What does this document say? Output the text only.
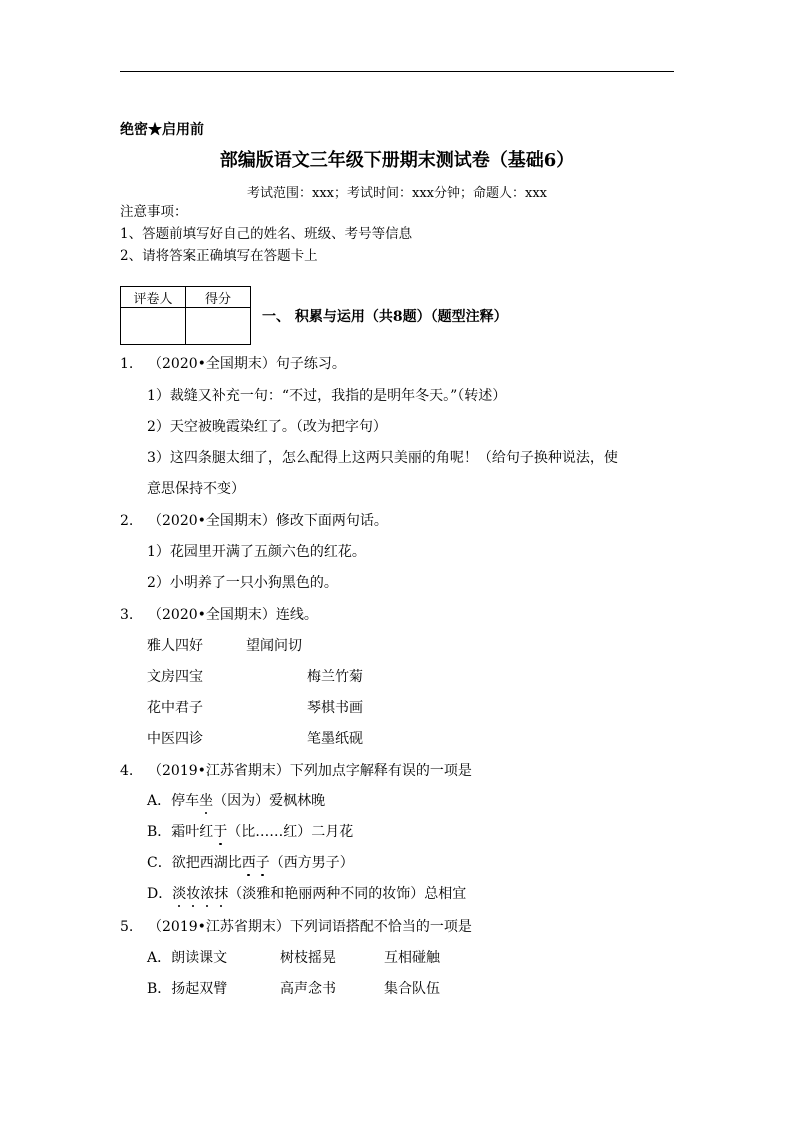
绝密★启用前
部编版语文三年级下册期末测试卷（基础6）
考试范围：xxx；考试时间：xxx分钟；命题人：xxx
注意事项：
1、答题前填写好自己的姓名、班级、考号等信息
2、请将答案正确填写在答题卡上
评卷人	得分

一、 积累与运用（共8题）（题型注释）
1. （2020•全国期末）句子练习。
1）裁缝又补充一句：“不过，我指的是明年冬天。”（转述）
2）天空被晚霞染红了。（改为把字句）
3）这四条腿太细了，怎么配得上这两只美丽的角呢！（给句子换种说法，使
意思保持不变）
2. （2020•全国期末）修改下面两句话。
1）花园里开满了五颜六色的红花。
2）小明养了一只小狗黑色的。
3. （2020•全国期末）连线。
雅人四好	望闻问切
文房四宝	梅兰竹菊
花中君子	琴棋书画
中医四诊	笔墨纸砚
4. （2019•江苏省期末）下列加点字解释有误的一项是
A．停车坐（因为）爱枫林晚
B．霜叶红于（比……红）二月花
C．欲把西湖比西子（西方男子）
D．淡妆浓抹（淡雅和艳丽两种不同的妆饰）总相宜
5. （2019•江苏省期末）下列词语搭配不恰当的一项是
A．朗读课文	树枝摇晃	互相碰触
B．扬起双臂	高声念书	集合队伍
